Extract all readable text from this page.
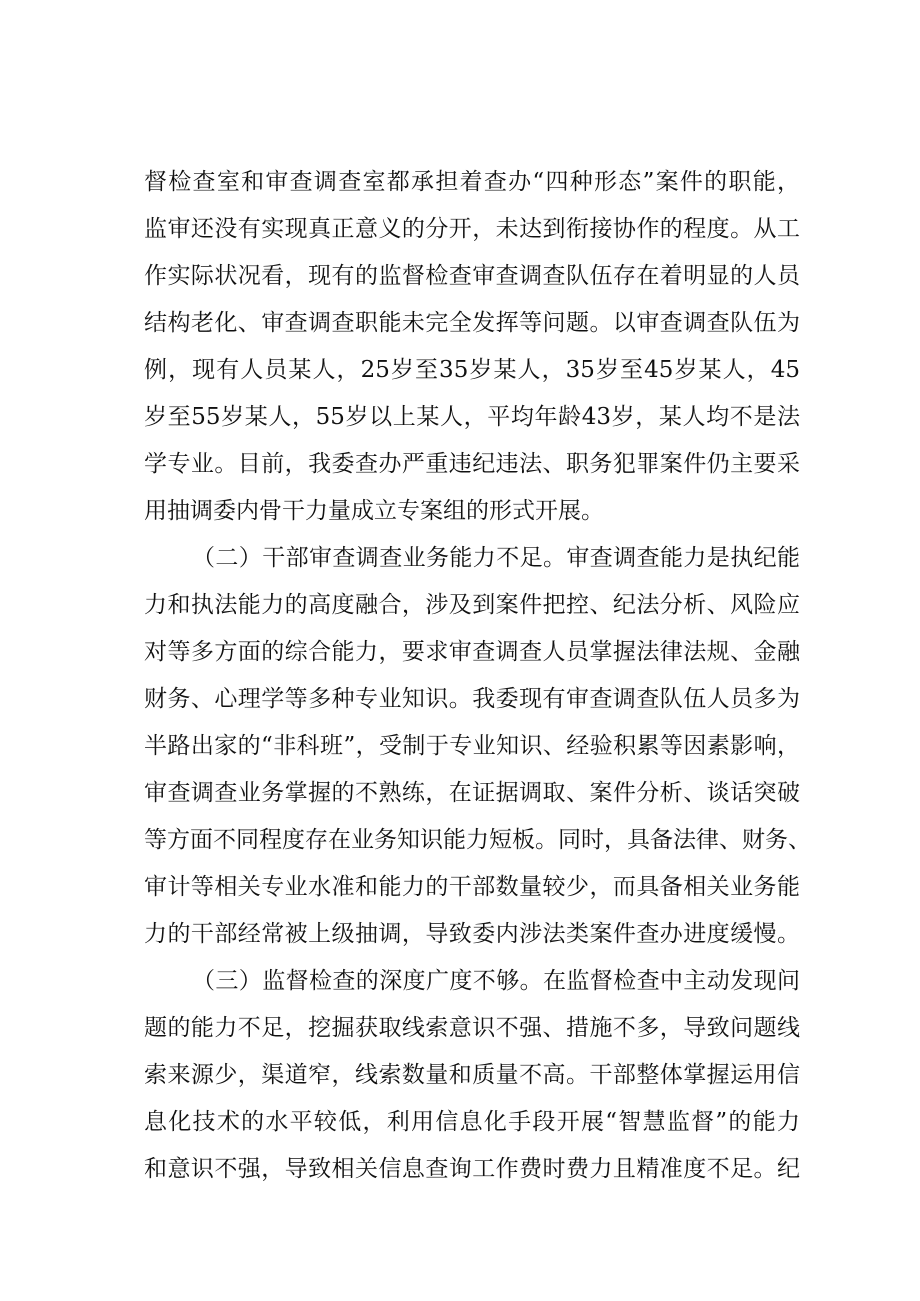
督检查室和审查调查室都承担着查办“四种形态”案件的职能，
监审还没有实现真正意义的分开，未达到衔接协作的程度。从工
作实际状况看，现有的监督检查审查调查队伍存在着明显的人员
结构老化、审查调查职能未完全发挥等问题。以审查调查队伍为
例，现有人员某人，25岁至35岁某人，35岁至45岁某人，45
岁至55岁某人，55岁以上某人，平均年龄43岁，某人均不是法
学专业。目前，我委查办严重违纪违法、职务犯罪案件仍主要采
用抽调委内骨干力量成立专案组的形式开展。
（二）干部审查调查业务能力不足。审查调查能力是执纪能
力和执法能力的高度融合，涉及到案件把控、纪法分析、风险应
对等多方面的综合能力，要求审查调查人员掌握法律法规、金融
财务、心理学等多种专业知识。我委现有审查调查队伍人员多为
半路出家的“非科班”，受制于专业知识、经验积累等因素影响，
审查调查业务掌握的不熟练，在证据调取、案件分析、谈话突破
等方面不同程度存在业务知识能力短板。同时，具备法律、财务、
审计等相关专业水准和能力的干部数量较少，而具备相关业务能
力的干部经常被上级抽调，导致委内涉法类案件查办进度缓慢。
（三）监督检查的深度广度不够。在监督检查中主动发现问
题的能力不足，挖掘获取线索意识不强、措施不多，导致问题线
索来源少，渠道窄，线索数量和质量不高。干部整体掌握运用信
息化技术的水平较低，利用信息化手段开展“智慧监督”的能力
和意识不强，导致相关信息查询工作费时费力且精准度不足。纪
